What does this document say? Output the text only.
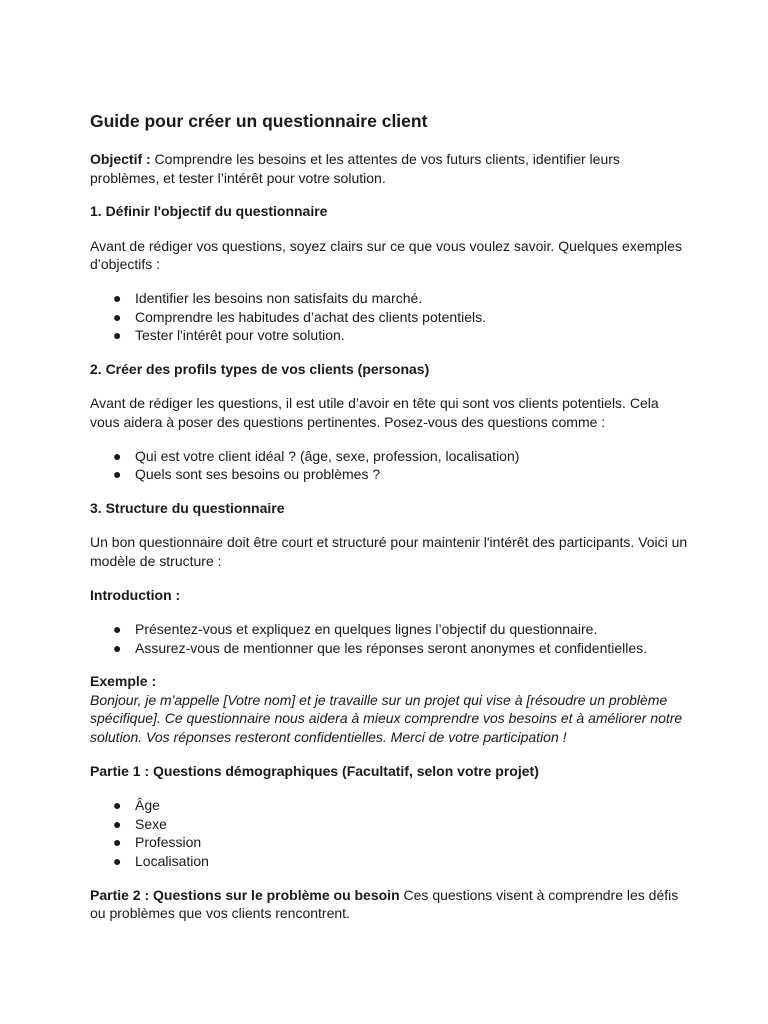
Guide pour créer un questionnaire client

Objectif : Comprendre les besoins et les attentes de vos futurs clients, identifier leurs problèmes, et tester l’intérêt pour votre solution.

1. Définir l'objectif du questionnaire

Avant de rédiger vos questions, soyez clairs sur ce que vous voulez savoir. Quelques exemples d’objectifs :

● Identifier les besoins non satisfaits du marché.
● Comprendre les habitudes d’achat des clients potentiels.
● Tester l'intérêt pour votre solution.

2. Créer des profils types de vos clients (personas)

Avant de rédiger les questions, il est utile d’avoir en tête qui sont vos clients potentiels. Cela vous aidera à poser des questions pertinentes. Posez-vous des questions comme :

● Qui est votre client idéal ? (âge, sexe, profession, localisation)
● Quels sont ses besoins ou problèmes ?

3. Structure du questionnaire

Un bon questionnaire doit être court et structuré pour maintenir l'intérêt des participants. Voici un modèle de structure :

Introduction :

● Présentez-vous et expliquez en quelques lignes l’objectif du questionnaire.
● Assurez-vous de mentionner que les réponses seront anonymes et confidentielles.

Exemple :

Bonjour, je m'appelle [Votre nom] et je travaille sur un projet qui vise à [résoudre un problème spécifique]. Ce questionnaire nous aidera à mieux comprendre vos besoins et à améliorer notre solution. Vos réponses resteront confidentielles. Merci de votre participation !

Partie 1 : Questions démographiques (Facultatif, selon votre projet)

● Âge
● Sexe
● Profession
● Localisation

Partie 2 : Questions sur le problème ou besoin Ces questions visent à comprendre les défis ou problèmes que vos clients rencontrent.
